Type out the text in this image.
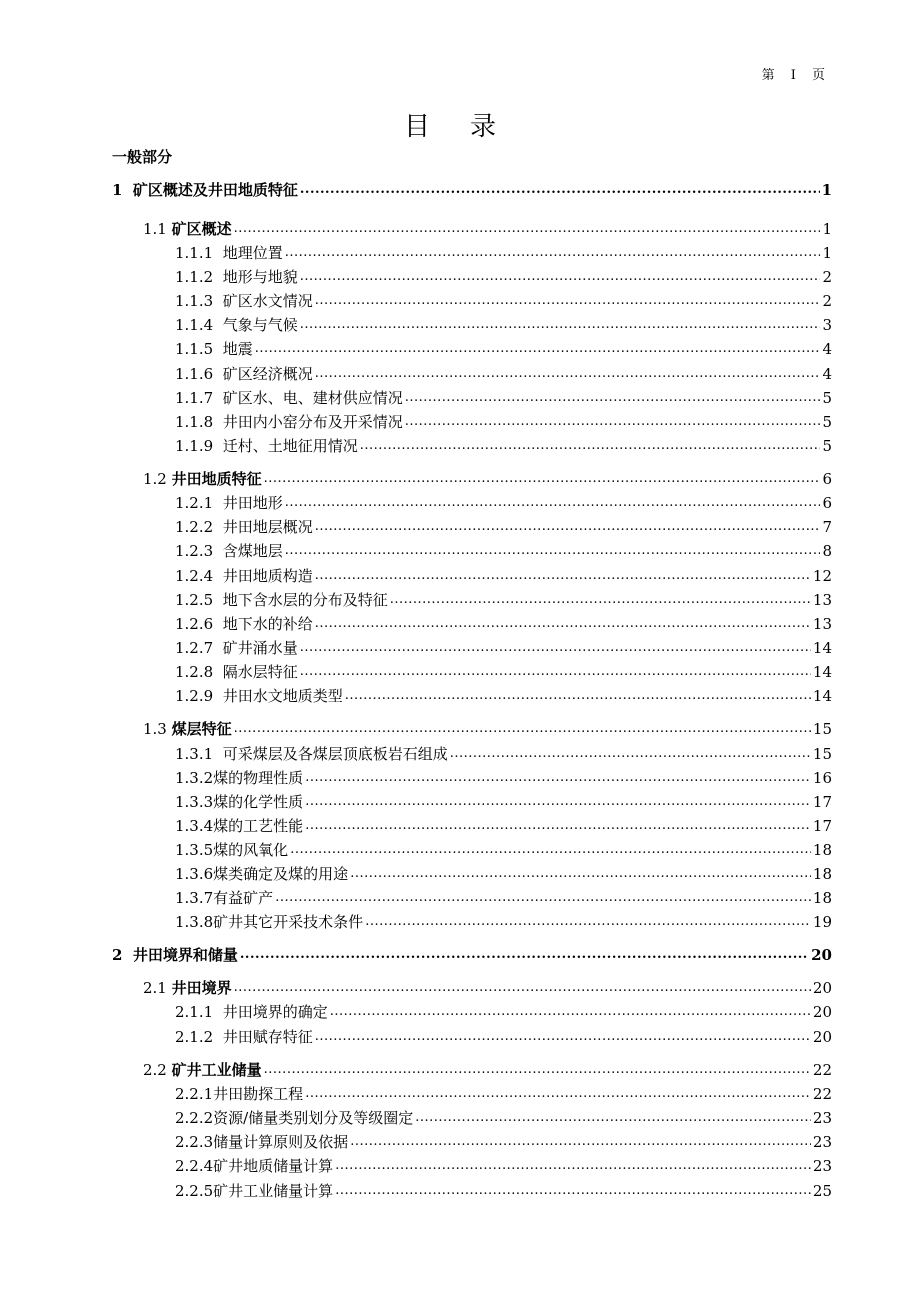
第 I 页
目录
一般部分
1 矿区概述及井田地质特征 .....	1
1.1 矿区概述 .....	1
1.1.1 地理位置 .....	1
1.1.2 地形与地貌 .....	2
1.1.3 矿区水文情况 .....	2
1.1.4 气象与气候 .....	3
1.1.5 地震 .....	4
1.1.6 矿区经济概况 .....	4
1.1.7 矿区水、电、建材供应情况 .....	5
1.1.8 井田内小窑分布及开采情况 .....	5
1.1.9 迁村、土地征用情况 .....	5
1.2 井田地质特征 .....	6
1.2.1 井田地形 .....	6
1.2.2 井田地层概况 .....	7
1.2.3 含煤地层 .....	8
1.2.4 井田地质构造 .....	12
1.2.5 地下含水层的分布及特征 .....	13
1.2.6 地下水的补给 .....	13
1.2.7 矿井涌水量 .....	14
1.2.8 隔水层特征 .....	14
1.2.9 井田水文地质类型 .....	14
1.3 煤层特征 .....	15
1.3.1 可采煤层及各煤层顶底板岩石组成 .....	15
1.3.2煤的物理性质 .....	16
1.3.3煤的化学性质 .....	17
1.3.4煤的工艺性能 .....	17
1.3.5煤的风氧化 .....	18
1.3.6煤类确定及煤的用途 .....	18
1.3.7有益矿产 .....	18
1.3.8矿井其它开采技术条件 .....	19
2 井田境界和储量 .....	20
2.1 井田境界 .....	20
2.1.1 井田境界的确定 .....	20
2.1.2 井田赋存特征 .....	20
2.2 矿井工业储量 .....	22
2.2.1井田勘探工程 .....	22
2.2.2资源/储量类别划分及等级圈定 .....	23
2.2.3储量计算原则及依据 .....	23
2.2.4矿井地质储量计算 .....	23
2.2.5矿井工业储量计算 .....	25
